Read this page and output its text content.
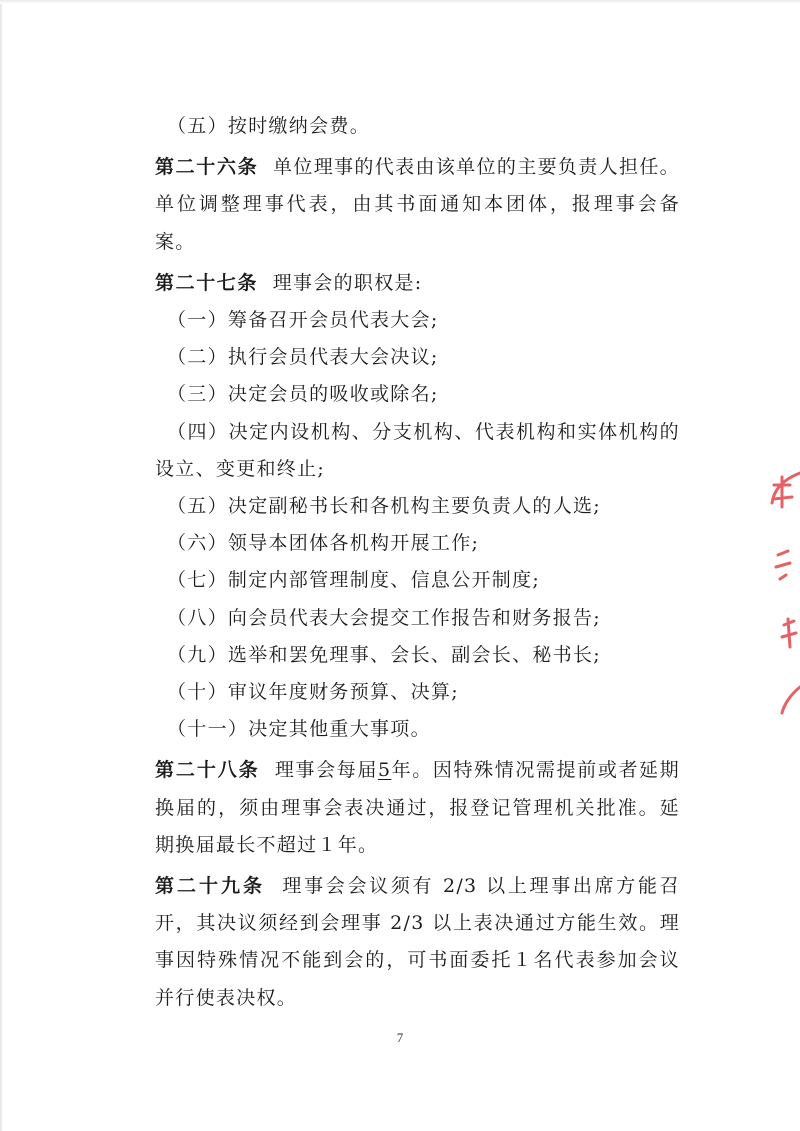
（五）按时缴纳会费。

第二十六条 单位理事的代表由该单位的主要负责人担任。单位调整理事代表，由其书面通知本团体，报理事会备案。

第二十七条 理事会的职权是:

（一）筹备召开会员代表大会;

（二）执行会员代表大会决议;

（三）决定会员的吸收或除名;

（四）决定内设机构、分支机构、代表机构和实体机构的设立、变更和终止;

（五）决定副秘书长和各机构主要负责人的人选;

（六）领导本团体各机构开展工作;

（七）制定内部管理制度、信息公开制度;

（八）向会员代表大会提交工作报告和财务报告;

（九）选举和罢免理事、会长、副会长、秘书长;

（十）审议年度财务预算、决算;

（十一）决定其他重大事项。

第二十八条 理事会每届5年。因特殊情况需提前或者延期换届的，须由理事会表决通过，报登记管理机关批准。延期换届最长不超过１年。

第二十九条 理事会会议须有 2/3 以上理事出席方能召开，其决议须经到会理事 2/3 以上表决通过方能生效。理事因特殊情况不能到会的，可书面委托１名代表参加会议并行使表决权。

7
